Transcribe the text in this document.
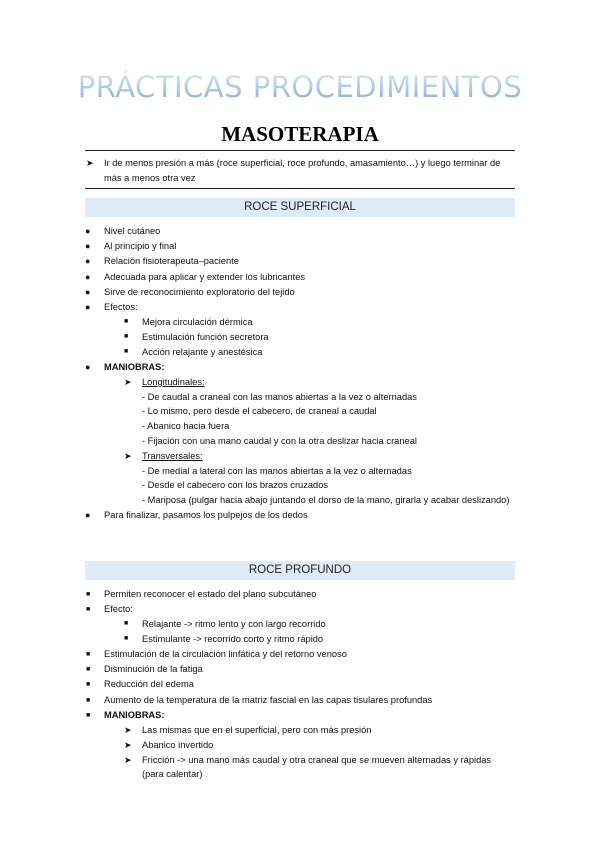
PRÁCTICAS PROCEDIMIENTOS
MASOTERAPIA
➤ Ir de menos presión a más (roce superficial, roce profundo, amasamiento…) y luego terminar de más a menos otra vez
ROCE SUPERFICIAL
● Nivel cutáneo
● Al principio y final
● Relación fisioterapeuta–paciente
● Adecuada para aplicar y extender los lubricantes
● Sirve de reconocimiento exploratorio del tejido
● Efectos:
■ Mejora circulación dérmica
■ Estimulación función secretora
■ Acción relajante y anestésica
● MANIOBRAS:
➤ Longitudinales:
- De caudal a craneal con las manos abiertas a la vez o alternadas
- Lo mismo, pero desde el cabecero, de craneal a caudal
- Abanico hacia fuera
- Fijación con una mano caudal y con la otra deslizar hacia craneal
➤ Transversales:
- De medial a lateral con las manos abiertas a la vez o alternadas
- Desde el cabecero con los brazos cruzados
- Mariposa (pulgar hacia abajo juntando el dorso de la mano, girarla y acabar deslizando)
● Para finalizar, pasamos los pulpejos de los dedos
ROCE PROFUNDO
■ Permiten reconocer el estado del plano subcutáneo
■ Efecto:
■ Relajante -> ritmo lento y con largo recorrido
■ Estimulante -> recorrido corto y ritmo rápido
■ Estimulación de la circulación linfática y del retorno venoso
■ Disminución de la fatiga
■ Reducción del edema
■ Aumento de la temperatura de la matriz fascial en las capas tisulares profundas
■ MANIOBRAS:
➤ Las mismas que en el superficial, pero con más presión
➤ Abanico invertido
➤ Fricción -> una mano más caudal y otra craneal que se mueven alternadas y rápidas (para calentar)
